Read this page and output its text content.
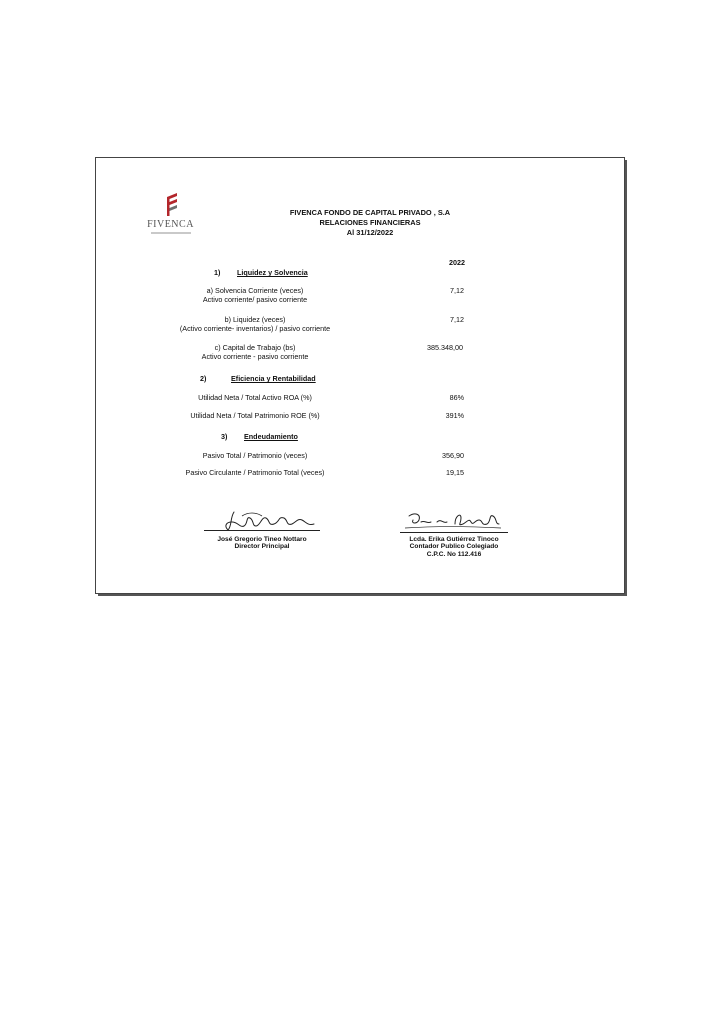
FIVENCA
FIVENCA FONDO DE CAPITAL PRIVADO , S.A
RELACIONES FINANCIERAS
Al 31/12/2022
2022
1) Liquidez y Solvencia
a) Solvencia Corriente (veces)
Activo corriente/ pasivo corriente
7,12
b) Liquidez (veces)
(Activo corriente- inventarios) / pasivo corriente
7,12
c) Capital de Trabajo (bs)
Activo corriente - pasivo corriente
385.348,00
2)	Eficiencia y Rentabilidad
Utilidad Neta / Total Activo ROA (%)	86%
Utilidad Neta / Total Patrimonio ROE (%)	391%
3) Endeudamiento
Pasivo Total / Patrimonio (veces)	356,90
Pasivo Circulante / Patrimonio Total (veces)	19,15
José Gregorio Tineo Nottaro
Director Principal
Lcda. Erika Gutiérrez Tinoco
Contador Publico Colegiado
C.P.C. No 112.416
